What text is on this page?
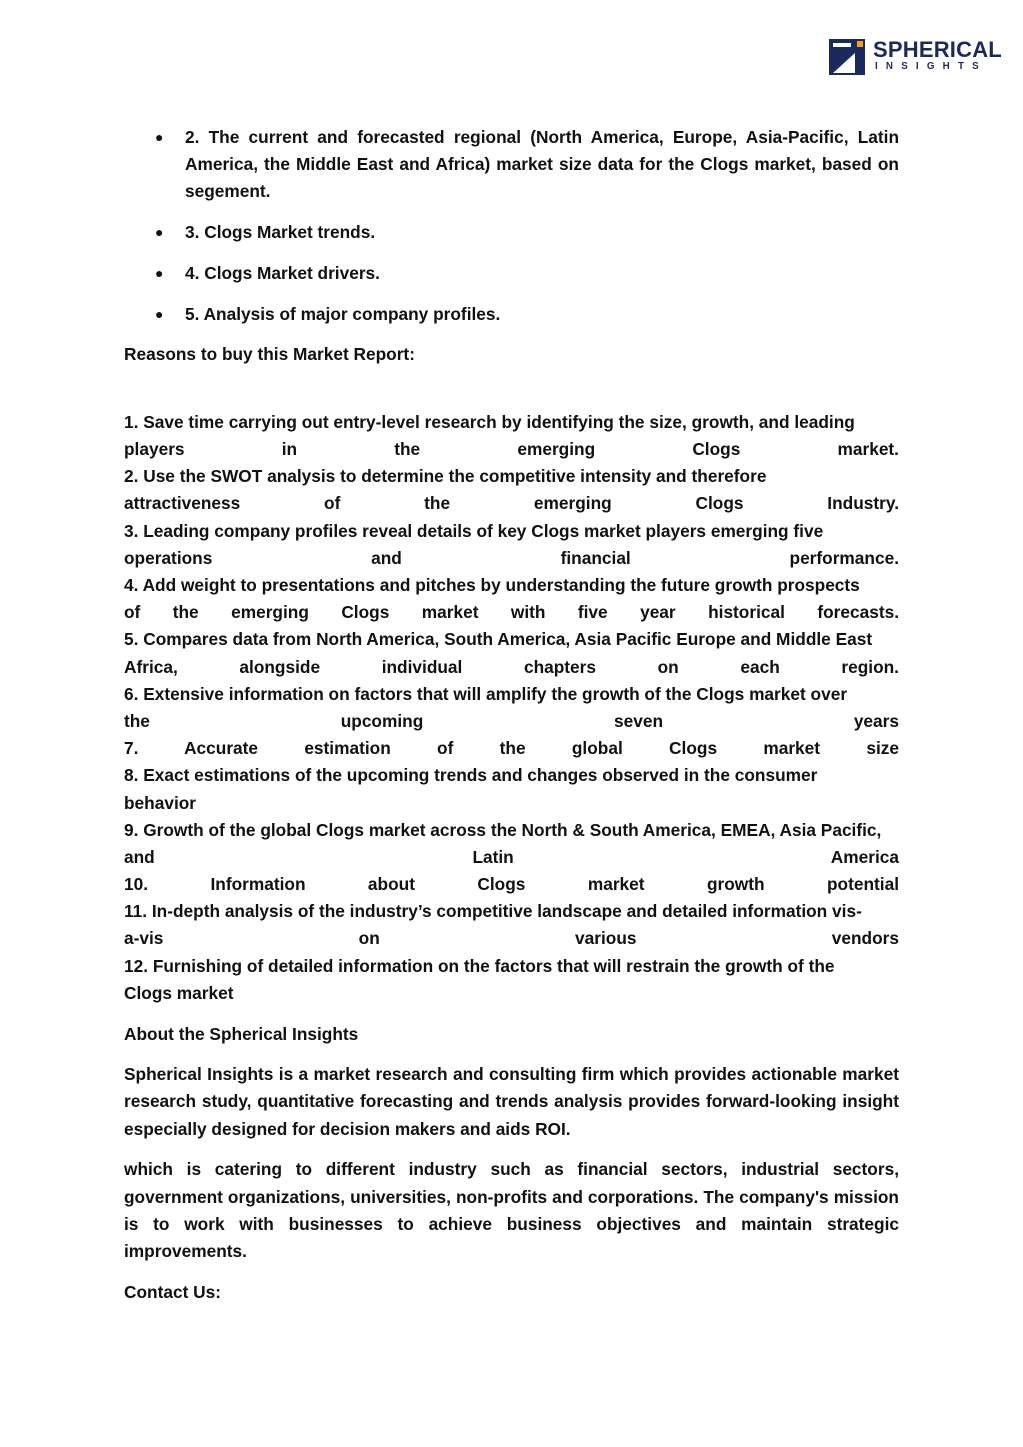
SPHERICAL
INSIGHTS
● 2. The current and forecasted regional (North America, Europe, Asia-Pacific, Latin America, the Middle East and Africa) market size data for the Clogs market, based on segement.
● 3. Clogs Market trends.
● 4. Clogs Market drivers.
● 5. Analysis of major company profiles.

Reasons to buy this Market Report:

1. Save time carrying out entry-level research by identifying the size, growth, and leading
players in the emerging Clogs market.
2. Use the SWOT analysis to determine the competitive intensity and therefore
attractiveness of the emerging Clogs Industry.
3. Leading company profiles reveal details of key Clogs market players emerging five
operations and financial performance.
4. Add weight to presentations and pitches by understanding the future growth prospects
of the emerging Clogs market with five year historical forecasts.
5. Compares data from North America, South America, Asia Pacific Europe and Middle East
Africa, alongside individual chapters on each region.
6. Extensive information on factors that will amplify the growth of the Clogs market over
the upcoming seven years
7. Accurate estimation of the global Clogs market size
8. Exact estimations of the upcoming trends and changes observed in the consumer
behavior
9. Growth of the global Clogs market across the North & South America, EMEA, Asia Pacific,
and Latin America
10. Information about Clogs market growth potential
11. In-depth analysis of the industry’s competitive landscape and detailed information vis-
a-vis on various vendors
12. Furnishing of detailed information on the factors that will restrain the growth of the
Clogs market

About the Spherical Insights

Spherical Insights is a market research and consulting firm which provides actionable market research study, quantitative forecasting and trends analysis provides forward-looking insight especially designed for decision makers and aids ROI.

which is catering to different industry such as financial sectors, industrial sectors, government organizations, universities, non-profits and corporations. The company's mission is to work with businesses to achieve business objectives and maintain strategic improvements.

Contact Us:
